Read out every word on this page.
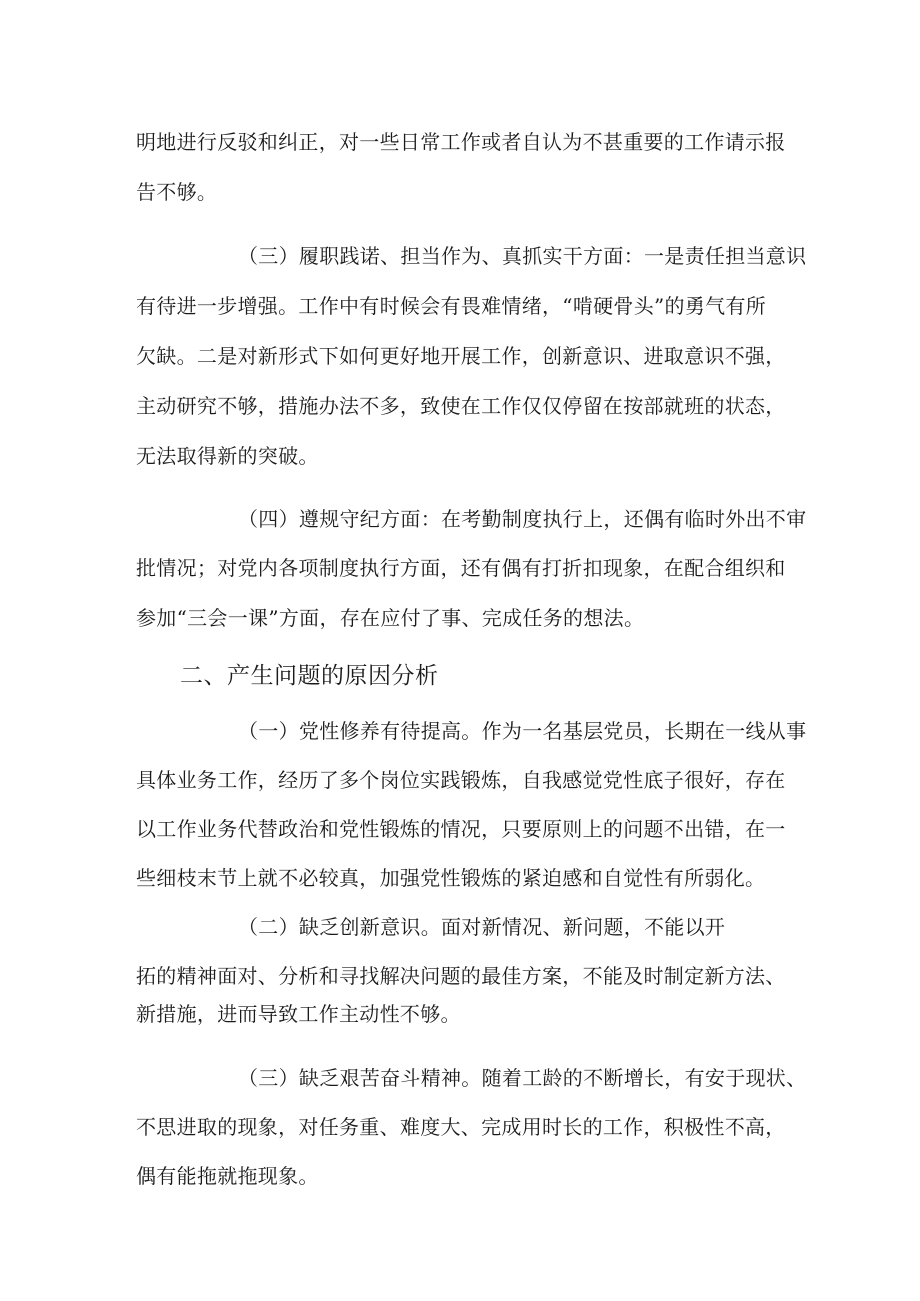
明地进行反驳和纠正，对一些日常工作或者自认为不甚重要的工作请示报
告不够。
（三）履职践诺、担当作为、真抓实干方面：一是责任担当意识
有待进一步增强。工作中有时候会有畏难情绪，“啃硬骨头”的勇气有所
欠缺。二是对新形式下如何更好地开展工作，创新意识、进取意识不强，
主动研究不够，措施办法不多，致使在工作仅仅停留在按部就班的状态，
无法取得新的突破。
（四）遵规守纪方面：在考勤制度执行上，还偶有临时外出不审
批情况；对党内各项制度执行方面，还有偶有打折扣现象，在配合组织和
参加“三会一课”方面，存在应付了事、完成任务的想法。
二、产生问题的原因分析
（一）党性修养有待提高。作为一名基层党员，长期在一线从事
具体业务工作，经历了多个岗位实践锻炼，自我感觉党性底子很好，存在
以工作业务代替政治和党性锻炼的情况，只要原则上的问题不出错，在一
些细枝末节上就不必较真，加强党性锻炼的紧迫感和自觉性有所弱化。
（二）缺乏创新意识。面对新情况、新问题，不能以开
拓的精神面对、分析和寻找解决问题的最佳方案，不能及时制定新方法、
新措施，进而导致工作主动性不够。
（三）缺乏艰苦奋斗精神。随着工龄的不断增长，有安于现状、
不思进取的现象，对任务重、难度大、完成用时长的工作，积极性不高，
偶有能拖就拖现象。
